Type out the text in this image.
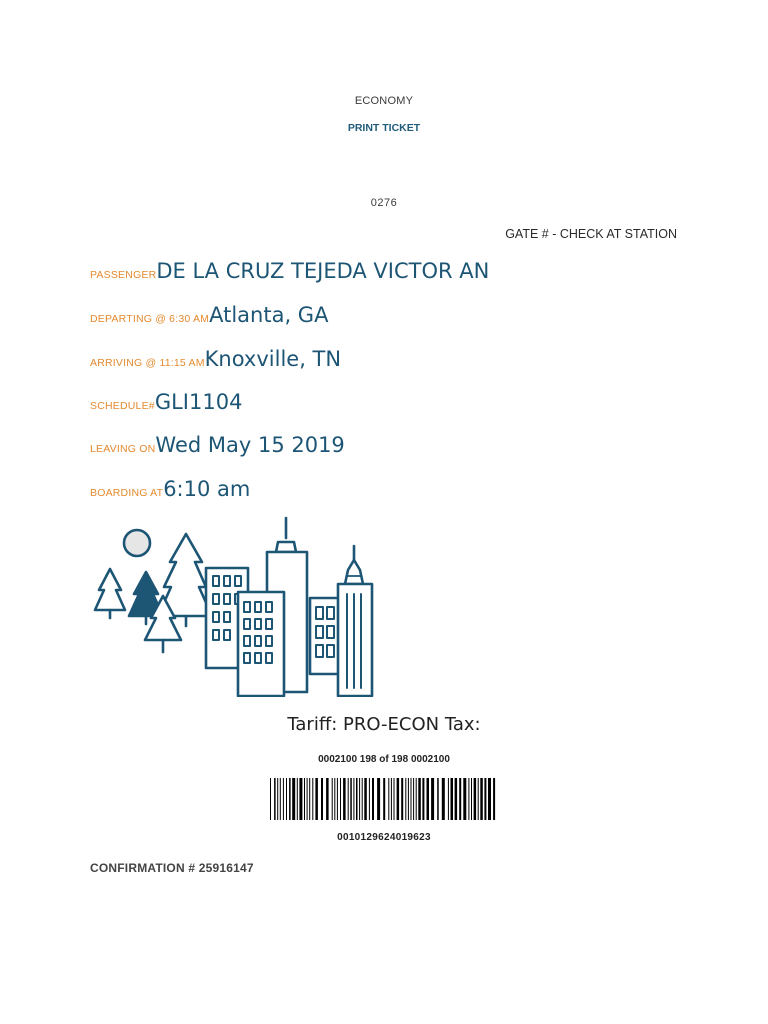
ECONOMY
PRINT TICKET
0276
GATE # - CHECK AT STATION
PASSENGERDE LA CRUZ TEJEDA VICTOR AN
DEPARTING @ 6:30 AMAtlanta, GA
ARRIVING @ 11:15 AMKnoxville, TN
SCHEDULE#GLI1104
LEAVING ONWed May 15 2019
BOARDING AT6:10 am
Tariff: PRO-ECON Tax:
0002100 198 of 198 0002100
0010129624019623
CONFIRMATION # 25916147
